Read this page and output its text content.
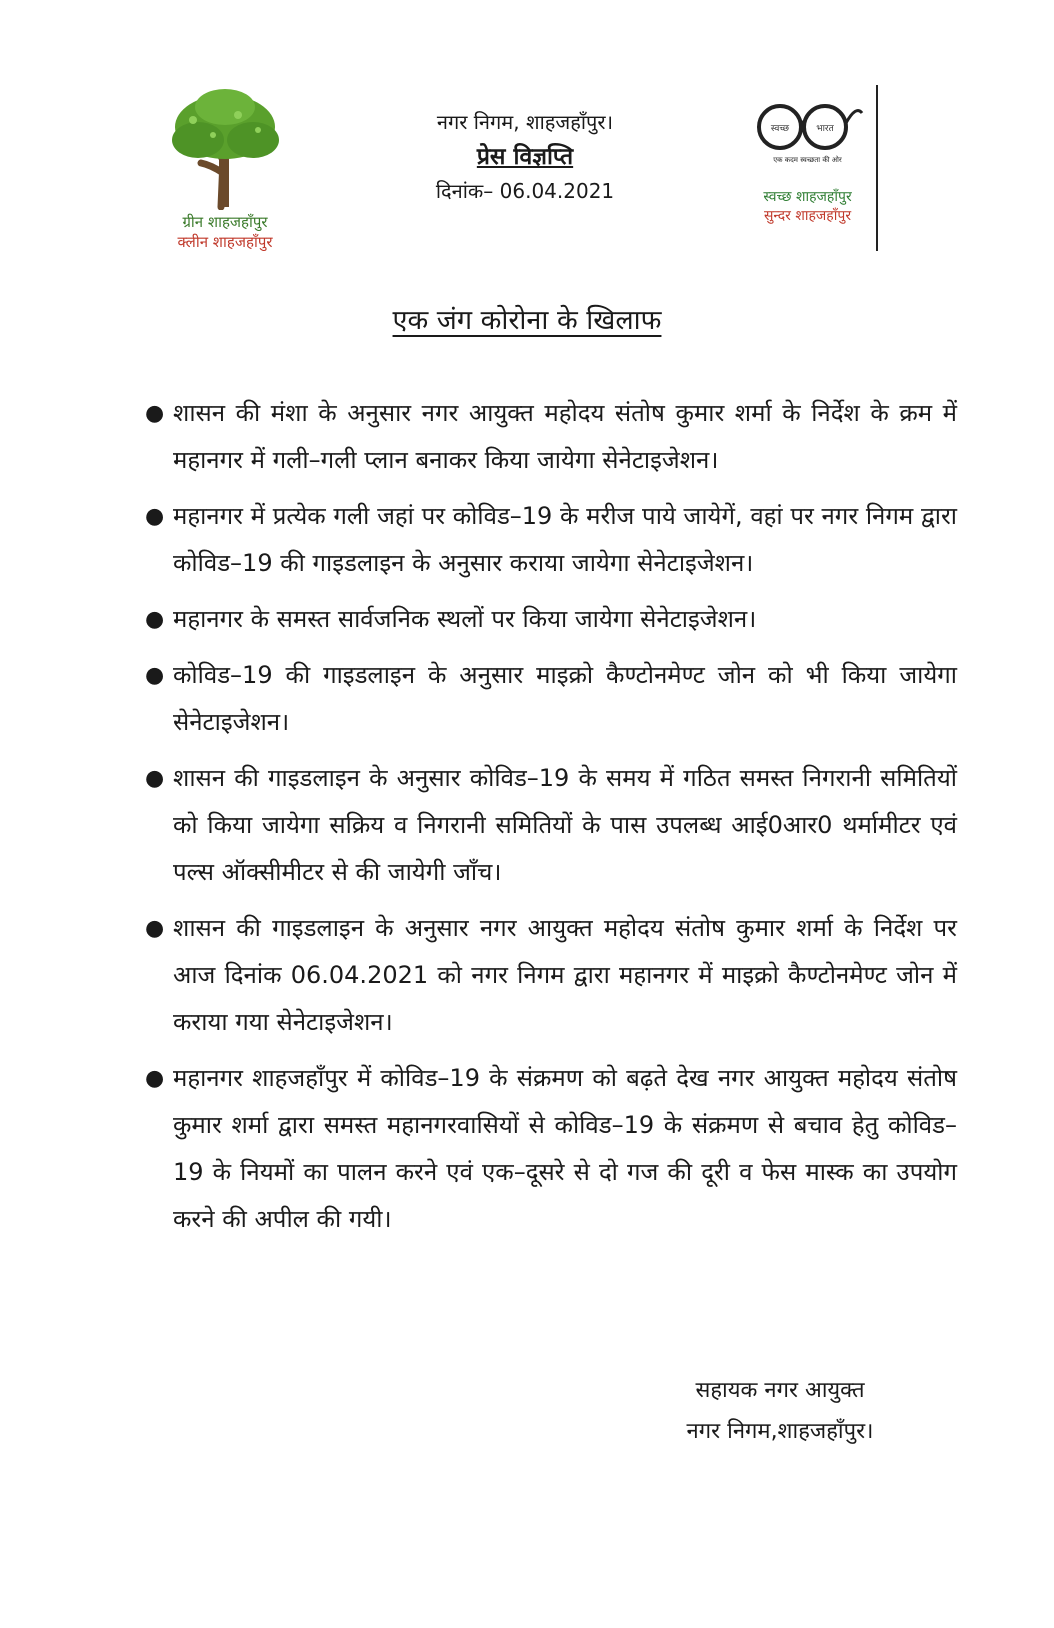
ग्रीन शाहजहाँपुर
क्लीन शाहजहाँपुर
नगर निगम, शाहजहाँपुर।
प्रेस विज्ञप्ति
दिनांक– 06.04.2021
स्वच्छ	भारत
एक कदम स्वच्छता की ओर
स्वच्छ शाहजहाँपुर
सुन्दर शाहजहाँपुर
एक जंग कोरोना के खिलाफ
● शासन की मंशा के अनुसार नगर आयुक्त महोदय संतोष कुमार शर्मा के निर्देश के क्रम में महानगर में गली–गली प्लान बनाकर किया जायेगा सेनेटाइजेशन।
● महानगर में प्रत्येक गली जहां पर कोविड–19 के मरीज पाये जायेगें, वहां पर नगर निगम द्वारा कोविड–19 की गाइडलाइन के अनुसार कराया जायेगा सेनेटाइजेशन।
● महानगर के समस्त सार्वजनिक स्थलों पर किया जायेगा सेनेटाइजेशन।
● कोविड–19 की गाइडलाइन के अनुसार माइक्रो कैण्टोनमेण्ट जोन को भी किया जायेगा सेनेटाइजेशन।
● शासन की गाइडलाइन के अनुसार कोविड–19 के समय में गठित समस्त निगरानी समितियों को किया जायेगा सक्रिय व निगरानी समितियों के पास उपलब्ध आई0आर0 थर्मामीटर एवं पल्स ऑक्सीमीटर से की जायेगी जाँच।
● शासन की गाइडलाइन के अनुसार नगर आयुक्त महोदय संतोष कुमार शर्मा के निर्देश पर आज दिनांक 06.04.2021 को नगर निगम द्वारा महानगर में माइक्रो कैण्टोनमेण्ट जोन में कराया गया सेनेटाइजेशन।
● महानगर शाहजहाँपुर में कोविड–19 के संक्रमण को बढ़ते देख नगर आयुक्त महोदय संतोष कुमार शर्मा द्वारा समस्त महानगरवासियों से कोविड–19 के संक्रमण से बचाव हेतु कोविड–19 के नियमों का पालन करने एवं एक–दूसरे से दो गज की दूरी व फेस मास्क का उपयोग करने की अपील की गयी।
सहायक नगर आयुक्त
नगर निगम,शाहजहाँपुर।
